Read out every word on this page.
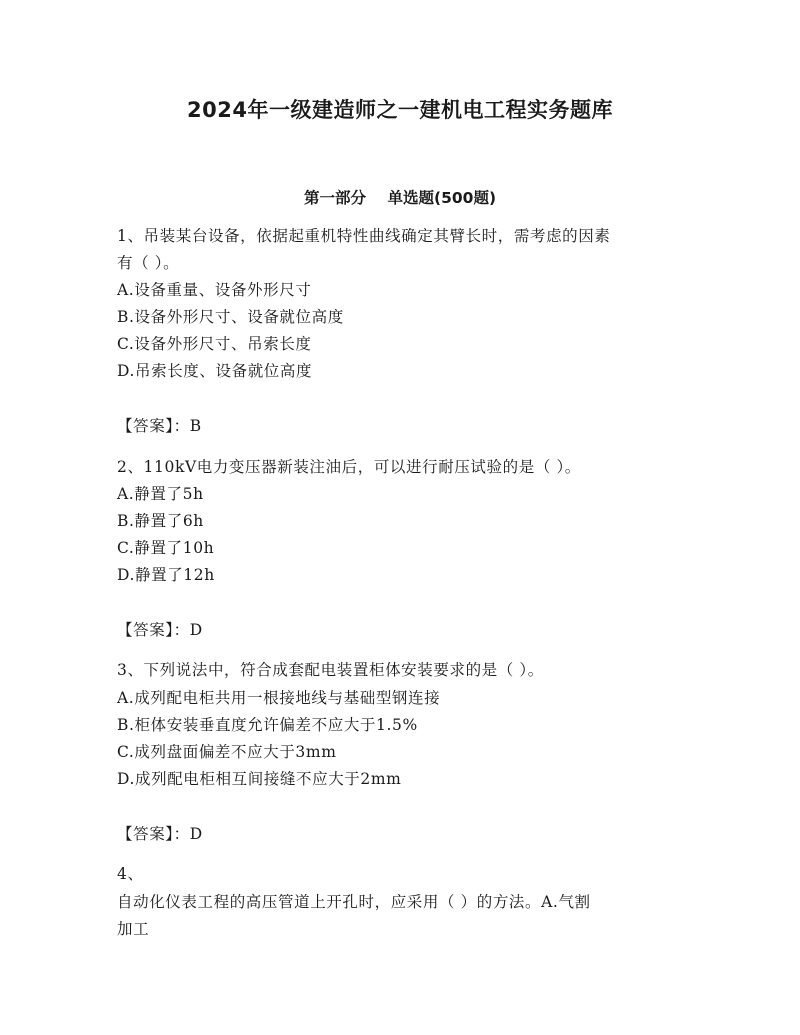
2024年一级建造师之一建机电工程实务题库
第一部分    单选题(500题)

1、吊装某台设备，依据起重机特性曲线确定其臂长时，需考虑的因素

有（ ）。

A.设备重量、设备外形尺寸

B.设备外形尺寸、设备就位高度

C.设备外形尺寸、吊索长度

D.吊索长度、设备就位高度

【答案】：B

2、110kV电力变压器新装注油后，可以进行耐压试验的是（ ）。

A.静置了5h

B.静置了6h

C.静置了10h

D.静置了12h

【答案】：D

3、下列说法中，符合成套配电装置柜体安装要求的是（ ）。

A.成列配电柜共用一根接地线与基础型钢连接

B.柜体安装垂直度允许偏差不应大于1.5%

C.成列盘面偏差不应大于3mm

D.成列配电柜相互间接缝不应大于2mm

【答案】：D

4、

自动化仪表工程的高压管道上开孔时，应采用（ ）的方法。A.气割

加工
